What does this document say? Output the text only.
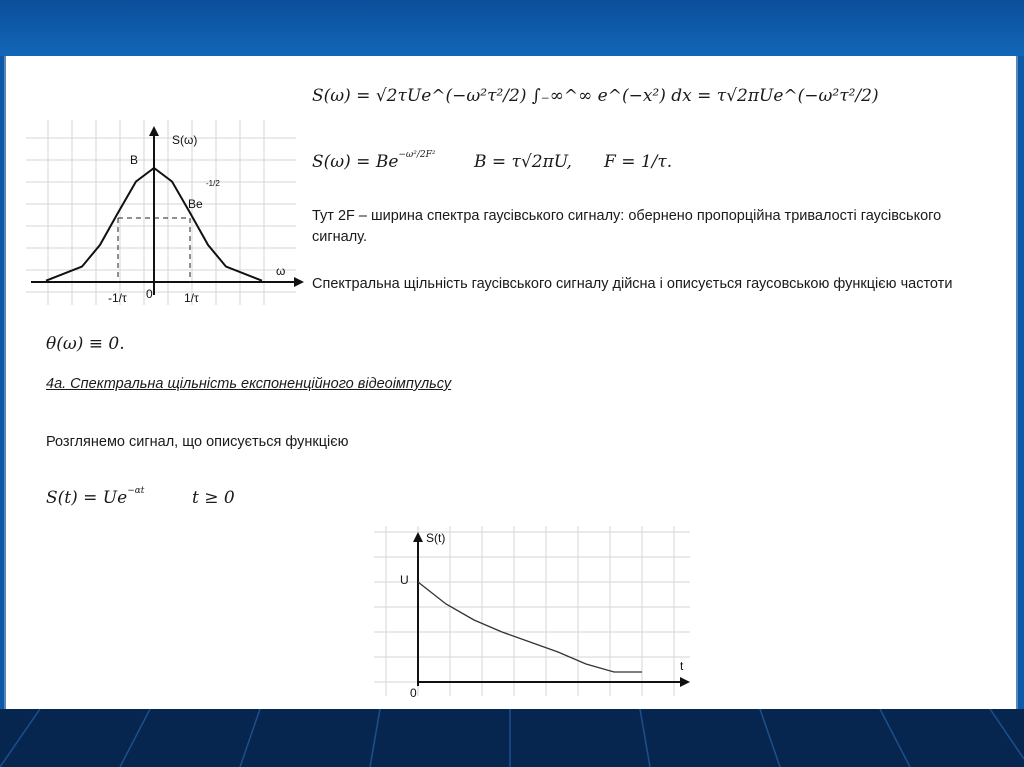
S(ω) = √2τUe^(−ω²τ²/2) ∫₋∞^∞ e^(−x²) dx = τ√2πUe^(−ω²τ²/2)
$S(\omega) = Be^{-\omega^2/2F^2}$ B = τ√2πU, F = 1/τ.
Тут 2F – ширина спектра гаусівського сигналу: обернено пропорційна тривалості гаусівського сигналу.
Спектральна щільність гаусівського сигналу дійсна і описується гаусовською функцією частоти
S(ω)
ω
B
Be
-1/2
-1/τ 0	1/τ
θ(ω) ≡ 0.
4а. Спектральна щільність експоненційного відеоімпульсу
Розглянемо сигнал, що описується функцією
$S(t) = Ue^{-\alpha t}$	t ≥ 0
S(t)
t
U
0
